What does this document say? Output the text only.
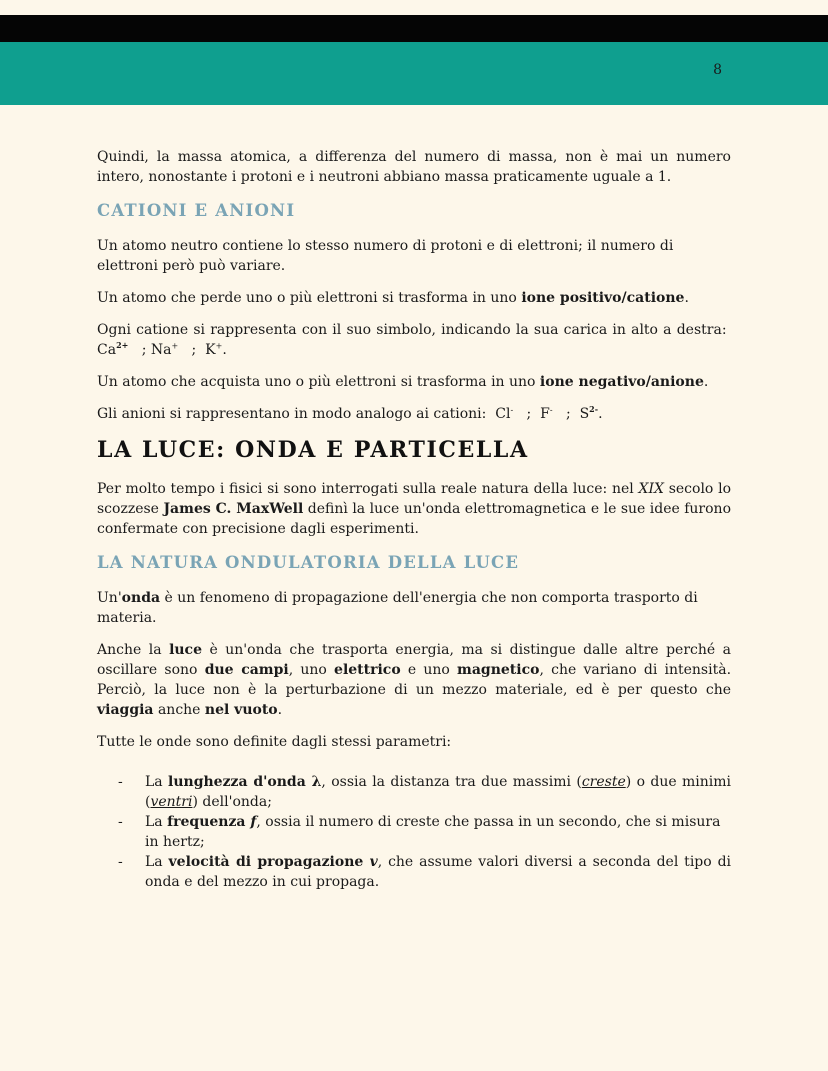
8

Quindi, la massa atomica, a differenza del numero di massa, non è mai un numero intero, nonostante i protoni e i neutroni abbiano massa praticamente uguale a 1.

CATIONI E ANIONI

Un atomo neutro contiene lo stesso numero di protoni e di elettroni; il numero di elettroni però può variare.

Un atomo che perde uno o più elettroni si trasforma in uno ione positivo/catione.

Ogni catione si rappresenta con il suo simbolo, indicando la sua carica in alto a destra:  $Ca^{2+}$ ; Na+ ; K+.

Un atomo che acquista uno o più elettroni si trasforma in uno ione negativo/anione.

Gli anioni si rappresentano in modo analogo ai cationi: Cl- ; F- ; $S^{2-}$.

LA LUCE: ONDA E PARTICELLA

Per molto tempo i fisici si sono interrogati sulla reale natura della luce: nel XIX secolo lo scozzese James C. MaxWell definì la luce un'onda elettromagnetica e le sue idee furono confermate con precisione dagli esperimenti.

LA NATURA ONDULATORIA DELLA LUCE

Un'onda è un fenomeno di propagazione dell'energia che non comporta trasporto di materia.

Anche la luce è un'onda che trasporta energia, ma si distingue dalle altre perché a oscillare sono due campi, uno elettrico e uno magnetico, che variano di intensità. Perciò, la luce non è la perturbazione di un mezzo materiale, ed è per questo che viaggia anche nel vuoto.

Tutte le onde sono definite dagli stessi parametri:

- La lunghezza d'onda λ, ossia la distanza tra due massimi (creste) o due minimi (ventri) dell'onda;
- La frequenza f, ossia il numero di creste che passa in un secondo, che si misura in hertz;
- La velocità di propagazione v, che assume valori diversi a seconda del tipo di onda e del mezzo in cui propaga.
